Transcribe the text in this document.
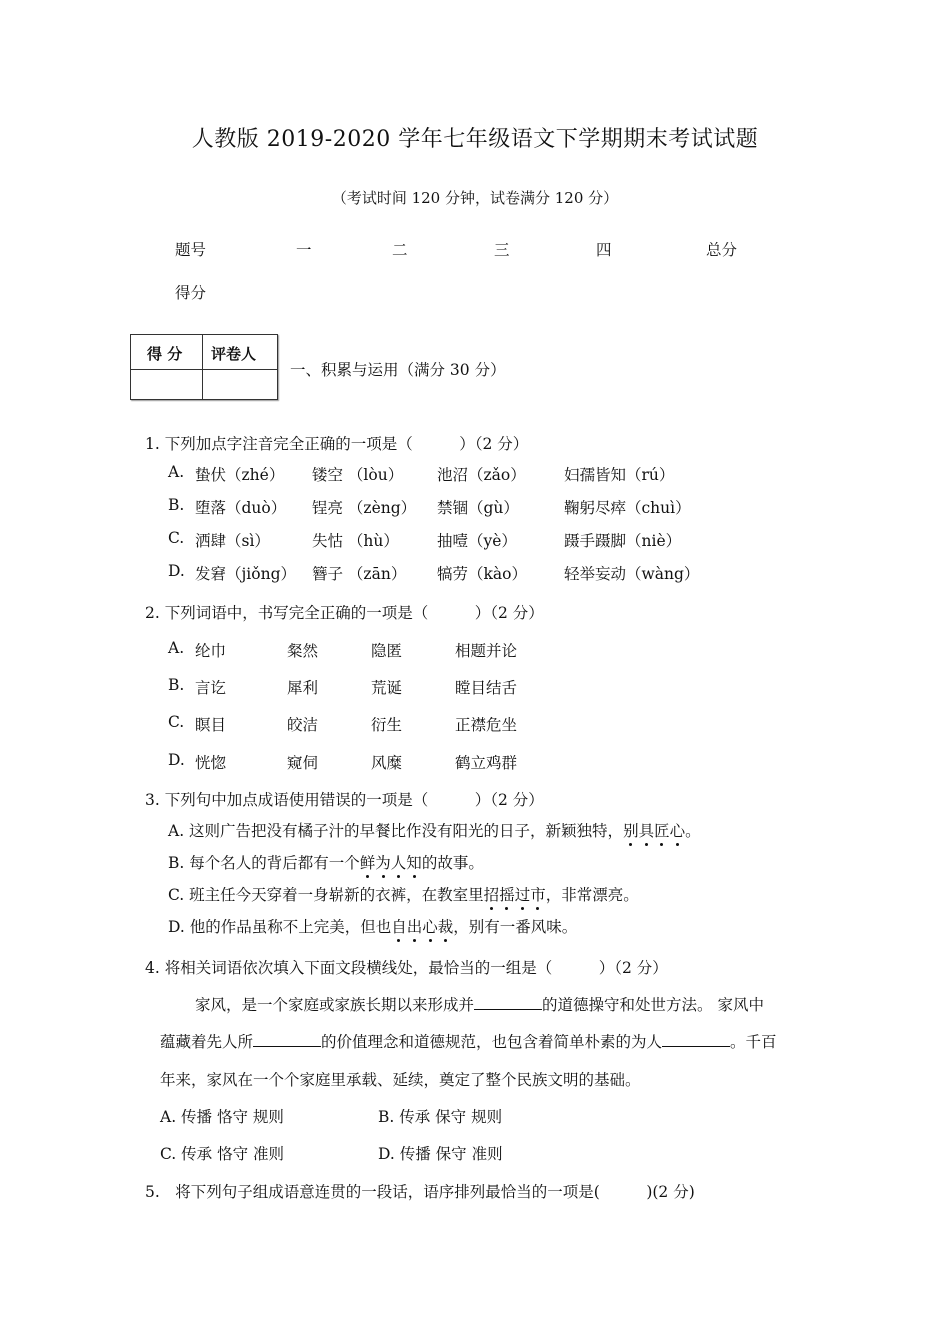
人教版 2019-2020 学年七年级语文下学期期末考试试题
（考试时间 120 分钟，试卷满分 120 分）
题号	一	二	三	四	总分
得分
得 分 评卷人
一、积累与运用（满分 30 分）
1. 下列加点字注音完全正确的一项是（　　　）（2 分）
A. 蛰伏（zhé） 镂空 （lòu） 池沼（zǎo） 妇孺皆知（rú）
B. 堕落（duò） 锃亮 （zèng） 禁锢（gù）	鞠躬尽瘁（chuì）
C. 洒肆（sì）	失怙 （hù） 抽噎（yè）	蹑手蹑脚（niè）
D. 发窘（jiǒng） 簪子 （zān） 犒劳（kào） 轻举妄动（wàng）
2. 下列词语中，书写完全正确的一项是（　　　）（2 分）
A. 纶巾	粲然	隐匿	相题并论
B. 言讫	犀利	荒诞	瞠目结舌
C. 瞑目	皎洁	衍生	正襟危坐
D. 恍惚	窥伺	风糜	鹤立鸡群
3. 下列句中加点成语使用错误的一项是（　　　）（2 分）
A. 这则广告把没有橘子汁的早餐比作没有阳光的日子，新颖独特，别具匠心。
B. 每个名人的背后都有一个鲜为人知的故事。
C. 班主任今天穿着一身崭新的衣裤，在教室里招摇过市，非常漂亮。
D. 他的作品虽称不上完美，但也自出心裁，别有一番风味。
4. 将相关词语依次填入下面文段横线处，最恰当的一组是（　　　）（2 分）
家风，是一个家庭或家族长期以来形成并	的道德操守和处世方法。 家风中
蕴藏着先人所	的价值理念和道德规范，也包含着简单朴素的为人	。千百
年来，家风在一个个家庭里承载、延续，奠定了整个民族文明的基础。
A. 传播 恪守 规则	B. 传承 保守 规则
C. 传承 恪守 准则	D. 传播 保守 准则
5.　将下列句子组成语意连贯的一段话，语序排列最恰当的一项是(　　　)(2 分)
